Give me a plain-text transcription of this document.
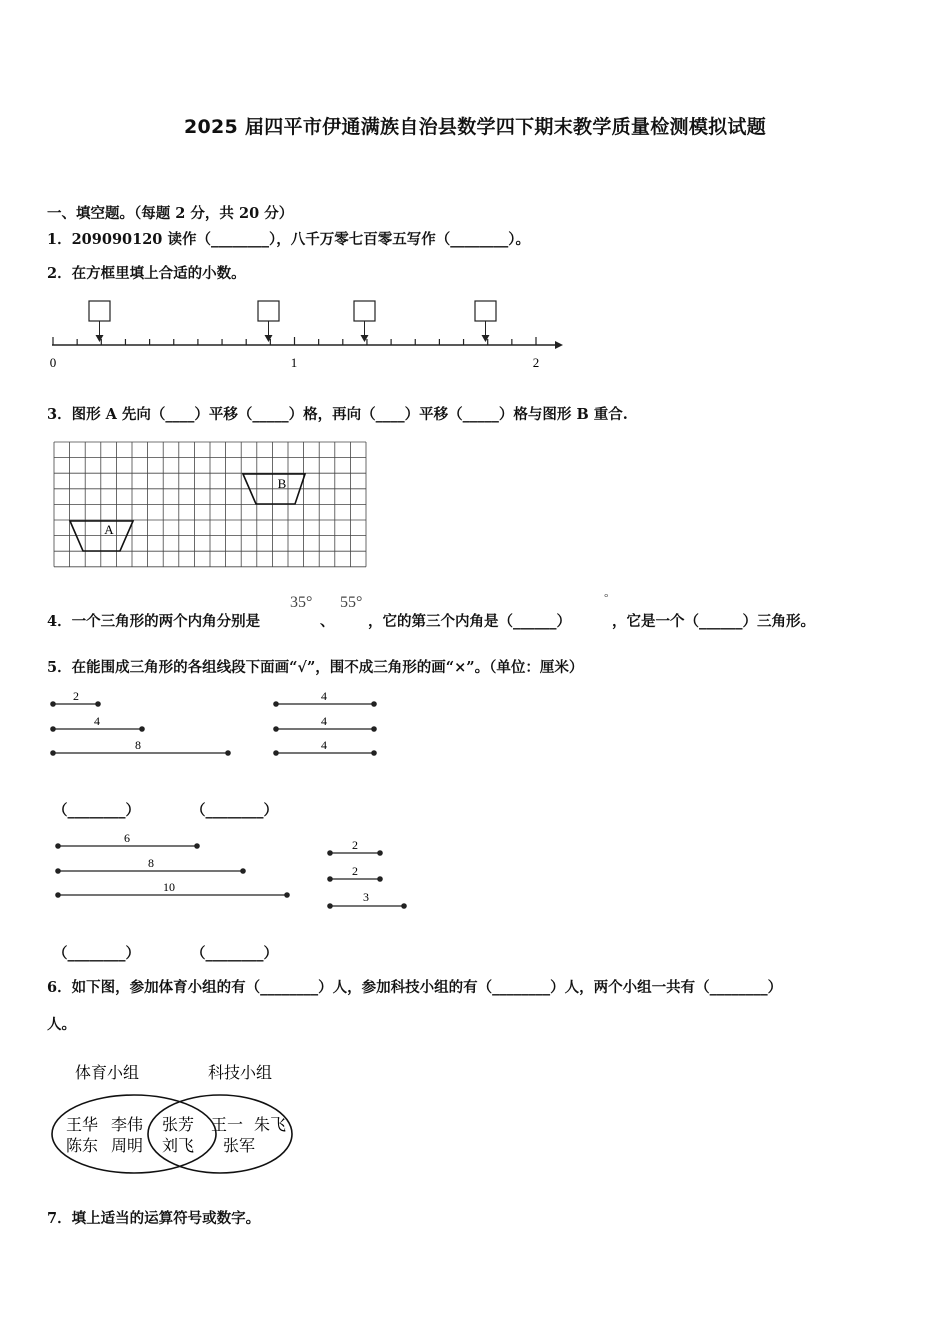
2025 届四平市伊通满族自治县数学四下期末教学质量检测模拟试题
一、填空题。（每题 2 分，共 20 分）
1．209090120 读作（________），八千万零七百零五写作（________）。
2．在方框里填上合适的小数。
0	1	2
3．图形 A 先向（____）平移（_____）格，再向（____）平移（_____）格与图形 B 重合.
B
A
4．一个三角形的两个内角分别是
35°
、
55°
，它的第三个内角是（______）
°
，它是一个（______）三角形。
5．在能围成三角形的各组线段下面画“√”，围不成三角形的画“×”。（单位：厘米）
2
4
8
4
4
4
（________）	（________）
6
8
10
2
2
3
（________）	（________）
6．如下图，参加体育小组的有（________）人，参加科技小组的有（________）人，两个小组一共有（________）
人。
体育小组	科技小组
王华 李伟
陈东 周明
张芳
刘飞
王一 朱飞
张军
7．填上适当的运算符号或数字。
